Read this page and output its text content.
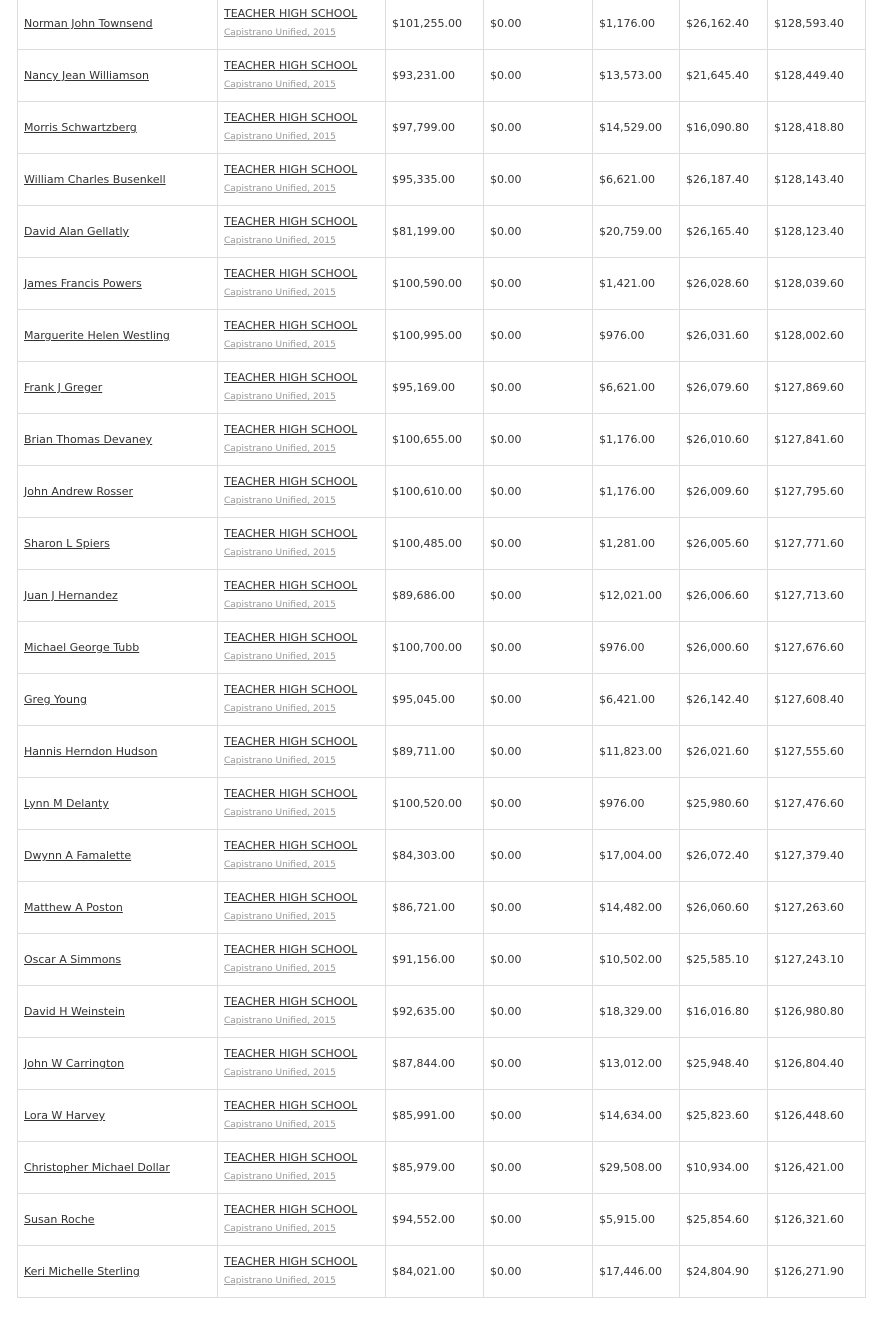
Norman John Townsend	TEACHER HIGH SCHOOL
Capistrano Unified, 2015	$101,255.00	$0.00	$1,176.00	$26,162.40	$128,593.40
Nancy Jean Williamson	TEACHER HIGH SCHOOL
Capistrano Unified, 2015	$93,231.00	$0.00	$13,573.00	$21,645.40	$128,449.40
Morris Schwartzberg	TEACHER HIGH SCHOOL
Capistrano Unified, 2015	$97,799.00	$0.00	$14,529.00	$16,090.80	$128,418.80
William Charles Busenkell	TEACHER HIGH SCHOOL
Capistrano Unified, 2015	$95,335.00	$0.00	$6,621.00	$26,187.40	$128,143.40
David Alan Gellatly	TEACHER HIGH SCHOOL
Capistrano Unified, 2015	$81,199.00	$0.00	$20,759.00	$26,165.40	$128,123.40
James Francis Powers	TEACHER HIGH SCHOOL
Capistrano Unified, 2015	$100,590.00	$0.00	$1,421.00	$26,028.60	$128,039.60
Marguerite Helen Westling	TEACHER HIGH SCHOOL
Capistrano Unified, 2015	$100,995.00	$0.00	$976.00	$26,031.60	$128,002.60
Frank J Greger	TEACHER HIGH SCHOOL
Capistrano Unified, 2015	$95,169.00	$0.00	$6,621.00	$26,079.60	$127,869.60
Brian Thomas Devaney	TEACHER HIGH SCHOOL
Capistrano Unified, 2015	$100,655.00	$0.00	$1,176.00	$26,010.60	$127,841.60
John Andrew Rosser	TEACHER HIGH SCHOOL
Capistrano Unified, 2015	$100,610.00	$0.00	$1,176.00	$26,009.60	$127,795.60
Sharon L Spiers	TEACHER HIGH SCHOOL
Capistrano Unified, 2015	$100,485.00	$0.00	$1,281.00	$26,005.60	$127,771.60
Juan J Hernandez	TEACHER HIGH SCHOOL
Capistrano Unified, 2015	$89,686.00	$0.00	$12,021.00	$26,006.60	$127,713.60
Michael George Tubb	TEACHER HIGH SCHOOL
Capistrano Unified, 2015	$100,700.00	$0.00	$976.00	$26,000.60	$127,676.60
Greg Young	TEACHER HIGH SCHOOL
Capistrano Unified, 2015	$95,045.00	$0.00	$6,421.00	$26,142.40	$127,608.40
Hannis Herndon Hudson	TEACHER HIGH SCHOOL
Capistrano Unified, 2015	$89,711.00	$0.00	$11,823.00	$26,021.60	$127,555.60
Lynn M Delanty	TEACHER HIGH SCHOOL
Capistrano Unified, 2015	$100,520.00	$0.00	$976.00	$25,980.60	$127,476.60
Dwynn A Famalette	TEACHER HIGH SCHOOL
Capistrano Unified, 2015	$84,303.00	$0.00	$17,004.00	$26,072.40	$127,379.40
Matthew A Poston	TEACHER HIGH SCHOOL
Capistrano Unified, 2015	$86,721.00	$0.00	$14,482.00	$26,060.60	$127,263.60
Oscar A Simmons	TEACHER HIGH SCHOOL
Capistrano Unified, 2015	$91,156.00	$0.00	$10,502.00	$25,585.10	$127,243.10
David H Weinstein	TEACHER HIGH SCHOOL
Capistrano Unified, 2015	$92,635.00	$0.00	$18,329.00	$16,016.80	$126,980.80
John W Carrington	TEACHER HIGH SCHOOL
Capistrano Unified, 2015	$87,844.00	$0.00	$13,012.00	$25,948.40	$126,804.40
Lora W Harvey	TEACHER HIGH SCHOOL
Capistrano Unified, 2015	$85,991.00	$0.00	$14,634.00	$25,823.60	$126,448.60
Christopher Michael Dollar	TEACHER HIGH SCHOOL
Capistrano Unified, 2015	$85,979.00	$0.00	$29,508.00	$10,934.00	$126,421.00
Susan Roche	TEACHER HIGH SCHOOL
Capistrano Unified, 2015	$94,552.00	$0.00	$5,915.00	$25,854.60	$126,321.60
Keri Michelle Sterling	TEACHER HIGH SCHOOL
Capistrano Unified, 2015	$84,021.00	$0.00	$17,446.00	$24,804.90	$126,271.90
